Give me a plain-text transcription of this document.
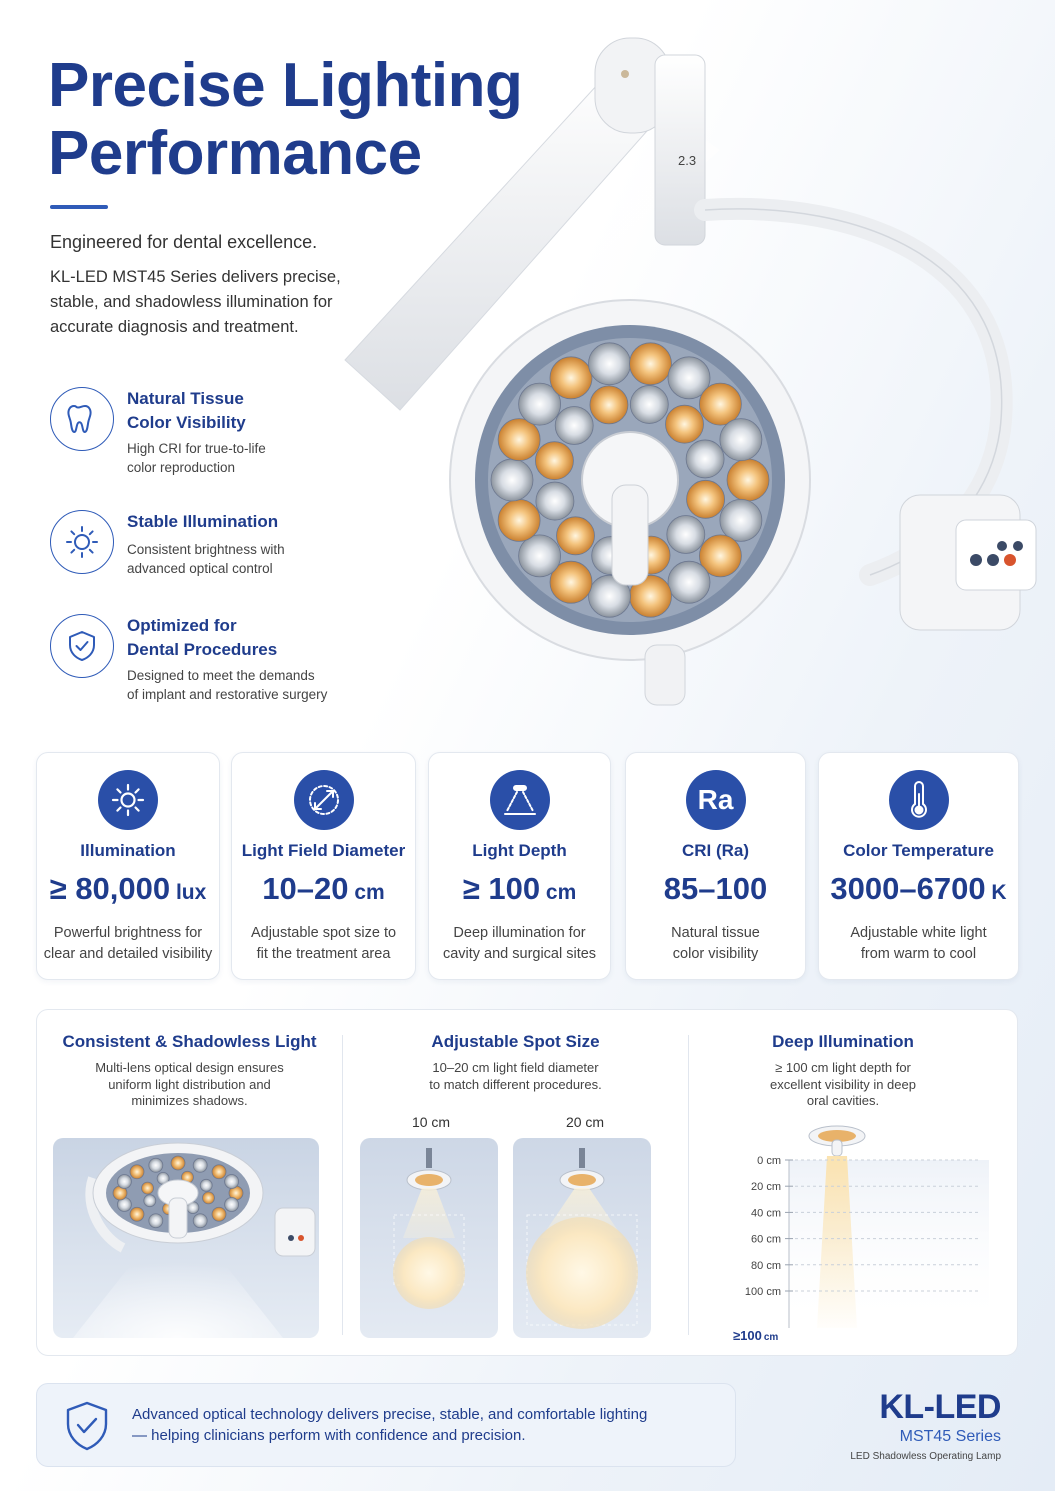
Precise Lighting
Performance
Engineered for dental excellence.
KL-LED MST45 Series delivers precise, stable, and shadowless illumination for accurate diagnosis and treatment.
Natural Tissue
Color Visibility
High CRI for true-to-life
color reproduction
Stable Illumination
Consistent brightness with
advanced optical control
Optimized for
Dental Procedures
Designed to meet the demands
of implant and restorative surgery
2.3
Illumination
≥ 80,000 lux
Powerful brightness for
clear and detailed visibility
Light Field Diameter
10–20 cm
Adjustable spot size to
fit the treatment area
Light Depth
≥ 100 cm
Deep illumination for
cavity and surgical sites
Ra
CRI (Ra)
85–100
Natural tissue
color visibility
Color Temperature
3000–6700 K
Adjustable white light
from warm to cool
Consistent & Shadowless Light
Multi-lens optical design ensures
uniform light distribution and
minimizes shadows.
Adjustable Spot Size
10–20 cm light field diameter
to match different procedures.
10 cm	20 cm
Deep Illumination
≥ 100 cm light depth for
excellent visibility in deep
oral cavities.
0 cm
20 cm
40 cm
60 cm
80 cm
100 cm
≥100 cm
Advanced optical technology delivers precise, stable, and comfortable lighting
— helping clinicians perform with confidence and precision.
KL-LED
MST45 Series
LED Shadowless Operating Lamp
